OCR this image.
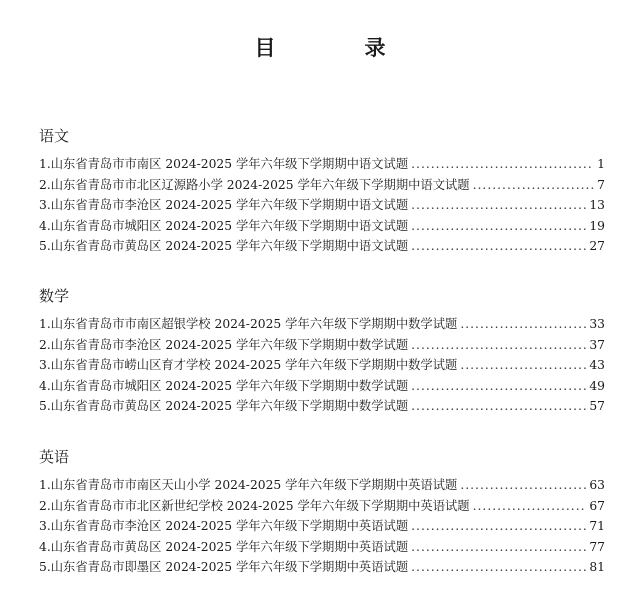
目　录
语文
1.山东省青岛市市南区 2024-2025 学年六年级下学期期中语文试题 .....	1
2.山东省青岛市市北区辽源路小学 2024-2025 学年六年级下学期期中语文试题 .....	7
3.山东省青岛市李沧区 2024-2025 学年六年级下学期期中语文试题 .....	13
4.山东省青岛市城阳区 2024-2025 学年六年级下学期期中语文试题 .....	19
5.山东省青岛市黄岛区 2024-2025 学年六年级下学期期中语文试题 .....	27
数学
1.山东省青岛市市南区超银学校 2024-2025 学年六年级下学期期中数学试题 .....	33
2.山东省青岛市李沧区 2024-2025 学年六年级下学期期中数学试题 .....	37
3.山东省青岛市崂山区育才学校 2024-2025 学年六年级下学期期中数学试题 .....	43
4.山东省青岛市城阳区 2024-2025 学年六年级下学期期中数学试题 .....	49
5.山东省青岛市黄岛区 2024-2025 学年六年级下学期期中数学试题 .....	57
英语
1.山东省青岛市市南区天山小学 2024-2025 学年六年级下学期期中英语试题 .....	63
2.山东省青岛市市北区新世纪学校 2024-2025 学年六年级下学期期中英语试题 .....	67
3.山东省青岛市李沧区 2024-2025 学年六年级下学期期中英语试题 .....	71
4.山东省青岛市黄岛区 2024-2025 学年六年级下学期期中英语试题 .....	77
5.山东省青岛市即墨区 2024-2025 学年六年级下学期期中英语试题 .....	81
